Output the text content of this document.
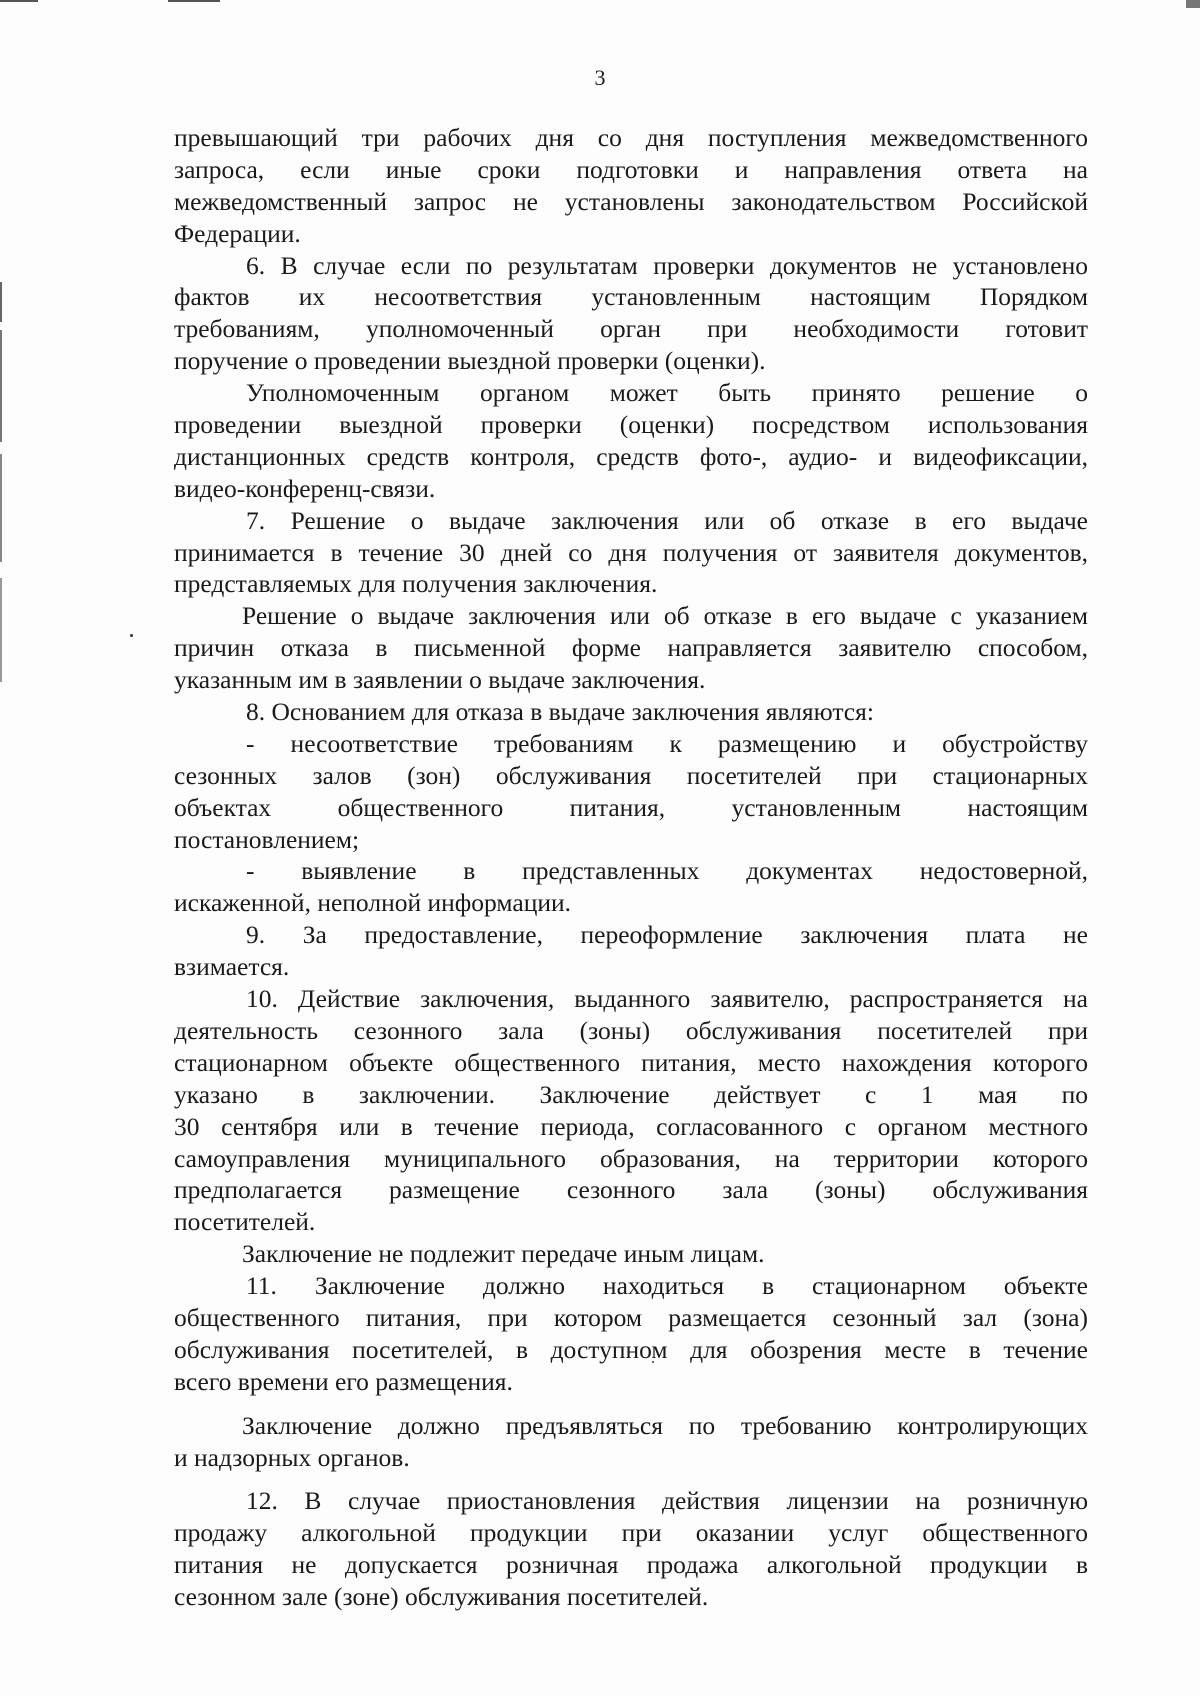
3
превышающий три рабочих дня со дня поступления межведомственного
запроса, если иные сроки подготовки и направления ответа на
межведомственный запрос не установлены законодательством Российской
Федерации.
6. В случае если по результатам проверки документов не установлено
фактов их несоответствия установленным настоящим Порядком
требованиям, уполномоченный орган при необходимости готовит
поручение о проведении выездной проверки (оценки).
Уполномоченным органом может быть принято решение о
проведении выездной проверки (оценки) посредством использования
дистанционных средств контроля, средств фото-, аудио- и видеофиксации,
видео-конференц-связи.
7. Решение о выдаче заключения или об отказе в его выдаче
принимается в течение 30 дней со дня получения от заявителя документов,
представляемых для получения заключения.
Решение о выдаче заключения или об отказе в его выдаче с указанием
причин отказа в письменной форме направляется заявителю способом,
указанным им в заявлении о выдаче заключения.
8. Основанием для отказа в выдаче заключения являются:
- несоответствие требованиям к размещению и обустройству
сезонных залов (зон) обслуживания посетителей при стационарных
объектах общественного питания, установленным настоящим
постановлением;
- выявление в представленных документах недостоверной,
искаженной, неполной информации.
9. За предоставление, переоформление заключения плата не
взимается.
10. Действие заключения, выданного заявителю, распространяется на
деятельность сезонного зала (зоны) обслуживания посетителей при
стационарном объекте общественного питания, место нахождения которого
указано в заключении. Заключение действует с 1 мая по
30 сентября или в течение периода, согласованного с органом местного
самоуправления муниципального образования, на территории которого
предполагается размещение сезонного зала (зоны) обслуживания
посетителей.
Заключение не подлежит передаче иным лицам.
11. Заключение должно находиться в стационарном объекте
общественного питания, при котором размещается сезонный зал (зона)
обслуживания посетителей, в доступном для обозрения месте в течение
всего времени его размещения.
Заключение должно предъявляться по требованию контролирующих
и надзорных органов.
12. В случае приостановления действия лицензии на розничную
продажу алкогольной продукции при оказании услуг общественного
питания не допускается розничная продажа алкогольной продукции в
сезонном зале (зоне) обслуживания посетителей.
